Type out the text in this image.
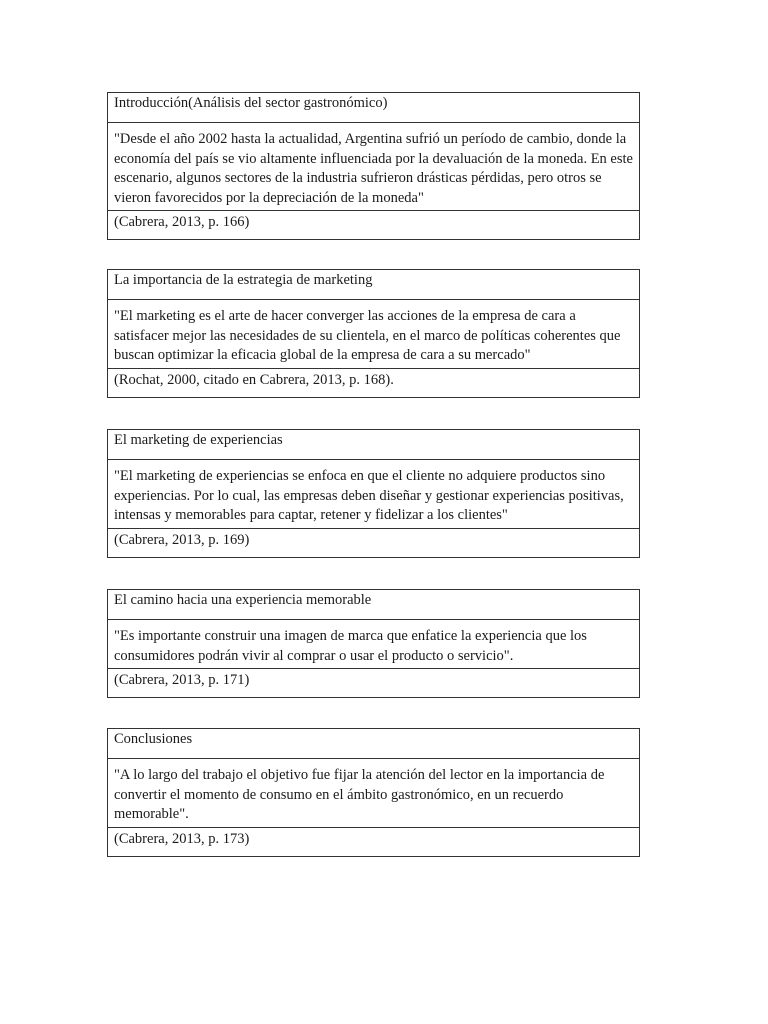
Introducción(Análisis del sector gastronómico)
"Desde el año 2002 hasta la actualidad, Argentina sufrió un período de cambio, donde la economía del país se vio altamente influenciada por la devaluación de la moneda. En este escenario, algunos sectores de la industria sufrieron drásticas pérdidas, pero otros se vieron favorecidos por la depreciación de la moneda"
(Cabrera, 2013, p. 166)
La importancia de la estrategia de marketing
"El marketing es el arte de hacer converger las acciones de la empresa de cara a satisfacer mejor las necesidades de su clientela, en el marco de políticas coherentes que buscan optimizar la eficacia global de la empresa de cara a su mercado"
(Rochat, 2000, citado en Cabrera, 2013, p. 168).
El marketing de experiencias
"El marketing de experiencias se enfoca en que el cliente no adquiere productos sino experiencias. Por lo cual, las empresas deben diseñar y gestionar experiencias positivas, intensas y memorables para captar, retener y fidelizar a los clientes"
(Cabrera, 2013, p. 169)
El camino hacia una experiencia memorable
"Es importante construir una imagen de marca que enfatice la experiencia que los consumidores podrán vivir al comprar o usar el producto o servicio".
(Cabrera, 2013, p. 171)
Conclusiones
"A lo largo del trabajo el objetivo fue fijar la atención del lector en la importancia de convertir el momento de consumo en el ámbito gastronómico, en un recuerdo memorable".
(Cabrera, 2013, p. 173)
